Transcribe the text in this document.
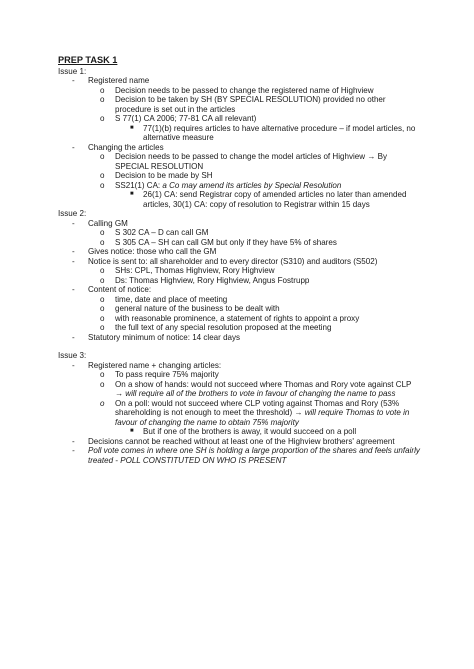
PREP TASK 1
Issue 1:
- Registered name
o Decision needs to be passed to change the registered name of Highview
o Decision to be taken by SH (BY SPECIAL RESOLUTION) provided no other procedure is set out in the articles
o S 77(1) CA 2006; 77-81 CA all relevant)
■ 77(1)(b) requires articles to have alternative procedure – if model articles, no alternative measure
- Changing the articles
o Decision needs to be passed to change the model articles of Highview → By SPECIAL RESOLUTION
o Decision to be made by SH
o SS21(1) CA: a Co may amend its articles by Special Resolution
■ 26(1) CA: send Registrar copy of amended articles no later than amended articles, 30(1) CA: copy of resolution to Registrar within 15 days
Issue 2:
- Calling GM
o S 302 CA – D can call GM
o S 305 CA – SH can call GM but only if they have 5% of shares
- Gives notice: those who call the GM
- Notice is sent to: all shareholder and to every director (S310) and auditors (S502)
o SHs: CPL, Thomas Highview, Rory Highview
o Ds: Thomas Highview, Rory Highview, Angus Fostrupp
- Content of notice:
o time, date and place of meeting
o general nature of the business to be dealt with
o with reasonable prominence, a statement of rights to appoint a proxy
o the full text of any special resolution proposed at the meeting
- Statutory minimum of notice: 14 clear days
Issue 3:
- Registered name + changing articles:
o To pass require 75% majority
o On a show of hands: would not succeed where Thomas and Rory vote against CLP → will require all of the brothers to vote in favour of changing the name to pass
o On a poll: would not succeed where CLP voting against Thomas and Rory (53% shareholding is not enough to meet the threshold) → will require Thomas to vote in favour of changing the name to obtain 75% majority
■ But if one of the brothers is away, it would succeed on a poll
- Decisions cannot be reached without at least one of the Highview brothers' agreement
- Poll vote comes in where one SH is holding a large proportion of the shares and feels unfairly treated - POLL CONSTITUTED ON WHO IS PRESENT
